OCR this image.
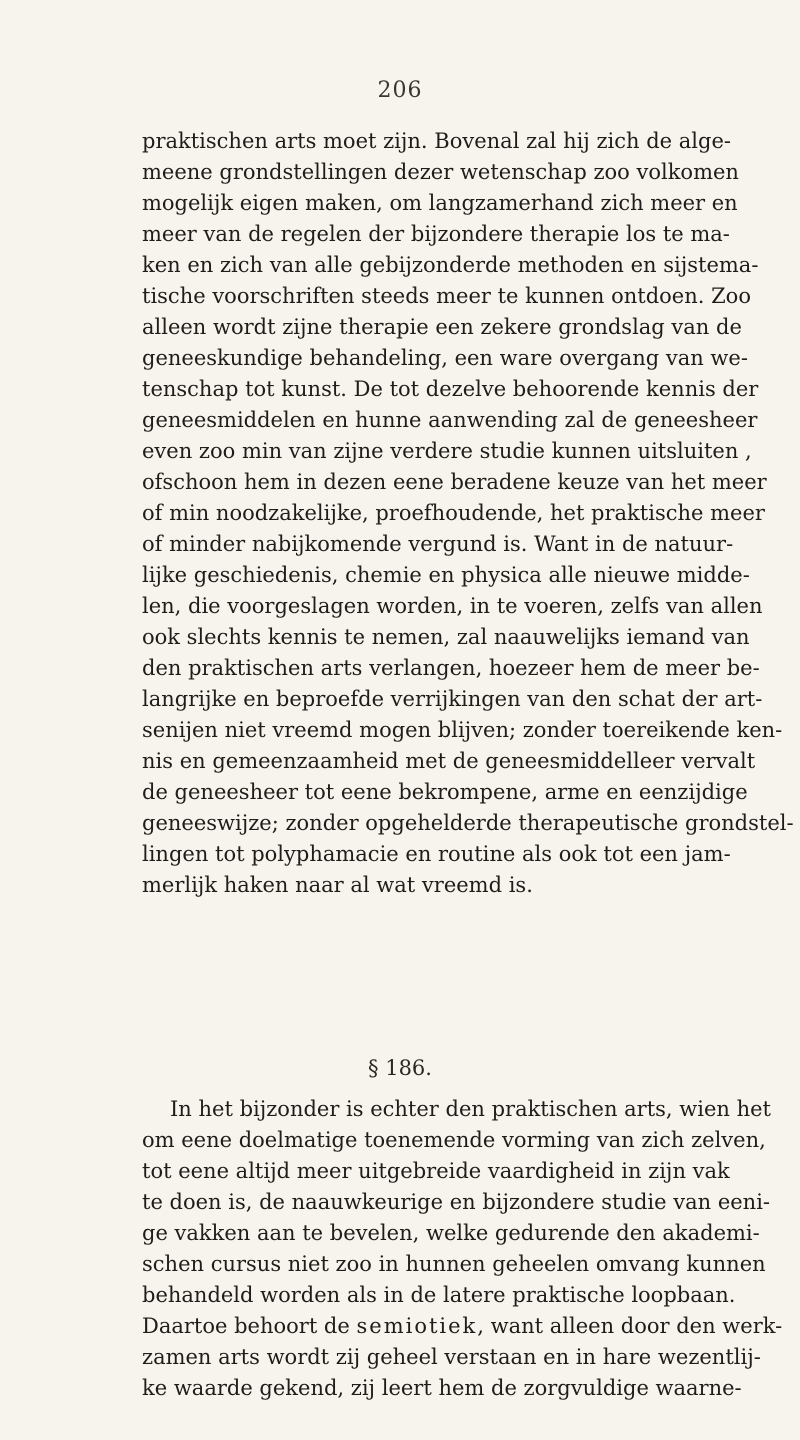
206
praktischen arts moet zijn. Bovenal zal hij zich de alge-
meene grondstellingen dezer wetenschap zoo volkomen
mogelijk eigen maken, om langzamerhand zich meer en
meer van de regelen der bijzondere therapie los te ma-
ken en zich van alle gebijzonderde methoden en sijstema-
tische voorschriften steeds meer te kunnen ontdoen. Zoo
alleen wordt zijne therapie een zekere grondslag van de
geneeskundige behandeling, een ware overgang van we-
tenschap tot kunst. De tot dezelve behoorende kennis der
geneesmiddelen en hunne aanwending zal de geneesheer
even zoo min van zijne verdere studie kunnen uitsluiten ,
ofschoon hem in dezen eene beradene keuze van het meer
of min noodzakelijke, proefhoudende, het praktische meer
of minder nabijkomende vergund is. Want in de natuur-
lijke geschiedenis, chemie en physica alle nieuwe midde-
len, die voorgeslagen worden, in te voeren, zelfs van allen
ook slechts kennis te nemen, zal naauwelijks iemand van
den praktischen arts verlangen, hoezeer hem de meer be-
langrijke en beproefde verrijkingen van den schat der art-
senijen niet vreemd mogen blijven; zonder toereikende ken-
nis en gemeenzaamheid met de geneesmiddelleer vervalt
de geneesheer tot eene bekrompene, arme en eenzijdige
geneeswijze; zonder opgehelderde therapeutische grondstel-
lingen tot polyphamacie en routine als ook tot een jam-
merlijk haken naar al wat vreemd is.
§ 186.
In het bijzonder is echter den praktischen arts, wien het
om eene doelmatige toenemende vorming van zich zelven,
tot eene altijd meer uitgebreide vaardigheid in zijn vak
te doen is, de naauwkeurige en bijzondere studie van eeni-
ge vakken aan te bevelen, welke gedurende den akademi-
schen cursus niet zoo in hunnen geheelen omvang kunnen
behandeld worden als in de latere praktische loopbaan.
Daartoe behoort de semiotiek, want alleen door den werk-
zamen arts wordt zij geheel verstaan en in hare wezentlij-
ke waarde gekend, zij leert hem de zorgvuldige waarne-
